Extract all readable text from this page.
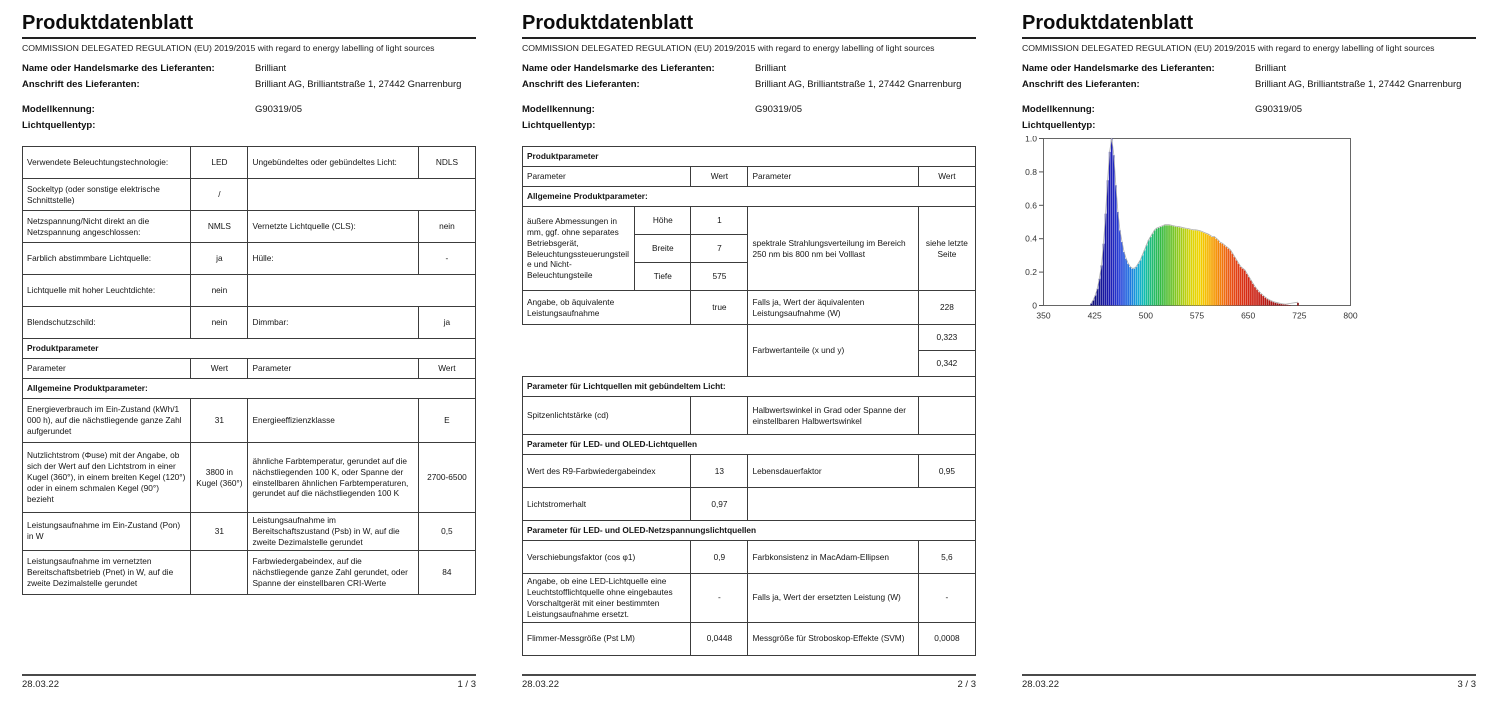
Produktdatenblatt
COMMISSION DELEGATED REGULATION (EU) 2019/2015 with regard to energy labelling of light sources
Name oder Handelsmarke des Lieferanten:	Brilliant
Anschrift des Lieferanten:	Brilliant AG, Brilliantstraße 1, 27442 Gnarrenburg
Modellkennung:	G90319/05
Lichtquellentyp:
Verwendete Beleuchtungstechnologie:	LED	Ungebündeltes oder gebündeltes Licht:	NDLS
Sockeltyp (oder sonstige elektrische Schnittstelle)	/		
Netzspannung/Nicht direkt an die Netzspannung angeschlossen:	NMLS	Vernetzte Lichtquelle (CLS):	nein
Farblich abstimmbare Lichtquelle:	ja	Hülle:	-
Lichtquelle mit hoher Leuchtdichte:	nein		
Blendschutzschild:	nein	Dimmbar:	ja
Produktparameter			
Parameter	Wert	Parameter	Wert
Allgemeine Produktparameter:			
Energieverbrauch im Ein-Zustand (kWh/1 000 h), auf die nächstliegende ganze Zahl aufgerundet	31	Energieeffizienzklasse	E
Nutzlichtstrom (Φuse) mit der Angabe, ob sich der Wert auf den Lichtstrom in einer Kugel (360°), in einem breiten Kegel (120°) oder in einem schmalen Kegel (90°) bezieht	3800 in Kugel (360°)	ähnliche Farbtemperatur, gerundet auf die nächstliegenden 100 K, oder Spanne der einstellbaren ähnlichen Farbtemperaturen, gerundet auf die nächstliegenden 100 K	2700-6500
Leistungsaufnahme im Ein-Zustand (Pon) in W	31	Leistungsaufnahme im Bereitschaftszustand (Psb) in W, auf die zweite Dezimalstelle gerundet	0,5
Leistungsaufnahme im vernetzten Bereitschaftsbetrieb (Pnet) in W, auf die zweite Dezimalstelle gerundet		Farbwiedergabeindex, auf die nächstliegende ganze Zahl gerundet, oder Spanne der einstellbaren CRI-Werte	84
28.03.22	1 / 3
Produktdatenblatt
COMMISSION DELEGATED REGULATION (EU) 2019/2015 with regard to energy labelling of light sources
Name oder Handelsmarke des Lieferanten:	Brilliant
Anschrift des Lieferanten:	Brilliant AG, Brilliantstraße 1, 27442 Gnarrenburg
Modellkennung:	G90319/05
Lichtquellentyp:
Produktparameter				
Parameter		Wert	Parameter	Wert
Allgemeine Produktparameter:				
äußere Abmessungen in mm, ggf. ohne separates Betriebsgerät, Beleuchtungssteuerungsteile und Nicht-Beleuchtungsteile	Höhe	1	spektrale Strahlungsverteilung im Bereich 250 nm bis 800 nm bei Volllast	siehe letzte Seite
	Breite	7		
	Tiefe	575		
Angabe, ob äquivalente Leistungsaufnahme		true	Falls ja, Wert der äquivalenten Leistungsaufnahme (W)	228
			Farbwertanteile (x und y)	0,323
				0,342
Parameter für Lichtquellen mit gebündeltem Licht:				
Spitzenlichtstärke (cd)			Halbwertswinkel in Grad oder Spanne der einstellbaren Halbwertswinkel	
Parameter für LED- und OLED-Lichtquellen				
Wert des R9-Farbwiedergabeindex		13	Lebensdauerfaktor	0,95
Lichtstromerhalt		0,97		
Parameter für LED- und OLED-Netzspannungslichtquellen				
Verschiebungsfaktor (cos φ1)		0,9	Farbkonsistenz in MacAdam-Ellipsen	5,6
Angabe, ob eine LED-Lichtquelle eine Leuchtstofflichtquelle ohne eingebautes Vorschaltgerät mit einer bestimmten Leistungsaufnahme ersetzt.		-	Falls ja, Wert der ersetzten Leistung (W)	-
Flimmer-Messgröße (Pst LM)		0,0448	Messgröße für Stroboskop-Effekte (SVM)	0,0008
28.03.22	2 / 3
Produktdatenblatt
COMMISSION DELEGATED REGULATION (EU) 2019/2015 with regard to energy labelling of light sources
Name oder Handelsmarke des Lieferanten:	Brilliant
Anschrift des Lieferanten:	Brilliant AG, Brilliantstraße 1, 27442 Gnarrenburg
Modellkennung:	G90319/05
Lichtquellentyp:
1.0
0.8
0.6
0.4
0.2
0
350	425	500	575	650	725	800
28.03.22	3 / 3
